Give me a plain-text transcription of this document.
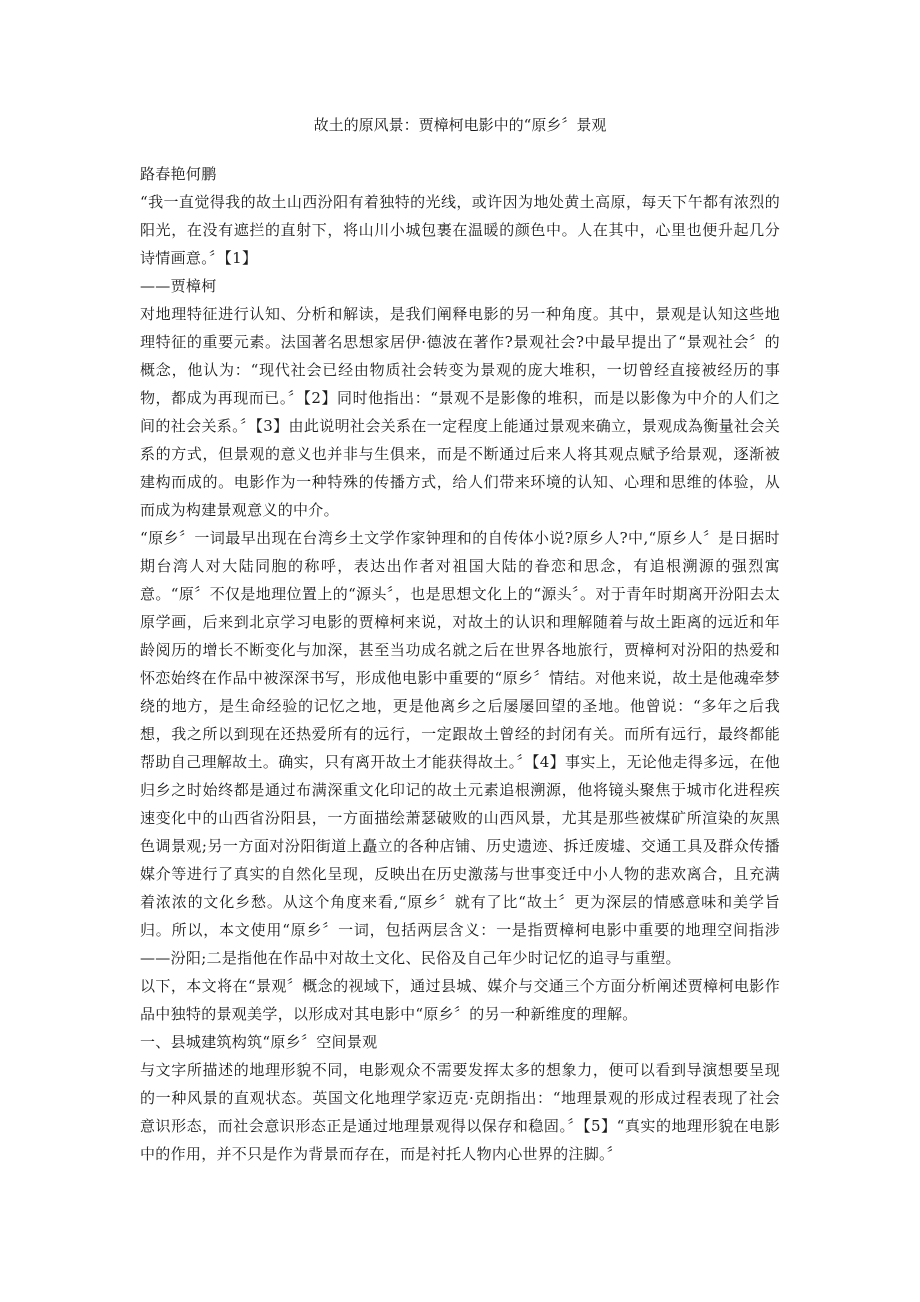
故土的原风景：贾樟柯电影中的“原乡〞景观

路春艳何鹏

“我一直觉得我的故土山西汾阳有着独特的光线，或许因为地处黄土高原，每天下午都有浓烈的阳光，在没有遮拦的直射下，将山川小城包裹在温暖的颜色中。人在其中，心里也便升起几分诗情画意。〞【1】

——贾樟柯

对地理特征进行认知、分析和解读，是我们阐释电影的另一种角度。其中，景观是认知这些地理特征的重要元素。法国著名思想家居伊·德波在著作?景观社会?中最早提出了“景观社会〞的概念，他认为：“现代社会已经由物质社会转变为景观的庞大堆积，一切曾经直接被经历的事物，都成为再现而已。〞【2】同时他指出：“景观不是影像的堆积，而是以影像为中介的人们之间的社会关系。〞【3】由此说明社会关系在一定程度上能通过景观来确立，景观成為衡量社会关系的方式，但景观的意义也并非与生俱来，而是不断通过后来人将其观点赋予给景观，逐渐被建构而成的。电影作为一种特殊的传播方式，给人们带来环境的认知、心理和思维的体验，从而成为构建景观意义的中介。

“原乡〞一词最早出现在台湾乡土文学作家钟理和的自传体小说?原乡人?中,“原乡人〞是日据时期台湾人对大陆同胞的称呼，表达出作者对祖国大陆的眷恋和思念，有追根溯源的强烈寓意。“原〞不仅是地理位置上的“源头〞，也是思想文化上的“源头〞。对于青年时期离开汾阳去太原学画，后来到北京学习电影的贾樟柯来说，对故土的认识和理解随着与故土距离的远近和年龄阅历的增长不断变化与加深，甚至当功成名就之后在世界各地旅行，贾樟柯对汾阳的热爱和怀恋始终在作品中被深深书写，形成他电影中重要的“原乡〞情结。对他来说，故土是他魂牵梦绕的地方，是生命经验的记忆之地，更是他离乡之后屡屡回望的圣地。他曾说：“多年之后我想，我之所以到现在还热爱所有的远行，一定跟故土曾经的封闭有关。而所有远行，最终都能帮助自己理解故土。确实，只有离开故土才能获得故土。〞【4】事实上，无论他走得多远，在他归乡之时始终都是通过布满深重文化印记的故土元素追根溯源，他将镜头聚焦于城市化进程疾速变化中的山西省汾阳县，一方面描绘萧瑟破败的山西风景，尤其是那些被煤矿所渲染的灰黑色调景观;另一方面对汾阳街道上矗立的各种店铺、历史遗迹、拆迁废墟、交通工具及群众传播媒介等进行了真实的自然化呈现，反映出在历史激荡与世事变迁中小人物的悲欢离合，且充满着浓浓的文化乡愁。从这个角度来看,“原乡〞就有了比“故土〞更为深层的情感意味和美学旨归。所以，本文使用“原乡〞一词，包括两层含义：一是指贾樟柯电影中重要的地理空间指涉——汾阳;二是指他在作品中对故土文化、民俗及自己年少时记忆的追寻与重塑。

以下，本文将在“景观〞概念的视域下，通过县城、媒介与交通三个方面分析阐述贾樟柯电影作品中独特的景观美学，以形成对其电影中“原乡〞的另一种新维度的理解。

一、县城建筑构筑“原乡〞空间景观

与文字所描述的地理形貌不同，电影观众不需要发挥太多的想象力，便可以看到导演想要呈现的一种风景的直观状态。英国文化地理学家迈克·克朗指出：“地理景观的形成过程表现了社会意识形态，而社会意识形态正是通过地理景观得以保存和稳固。〞【5】“真实的地理形貌在电影中的作用，并不只是作为背景而存在，而是衬托人物内心世界的注脚。〞
